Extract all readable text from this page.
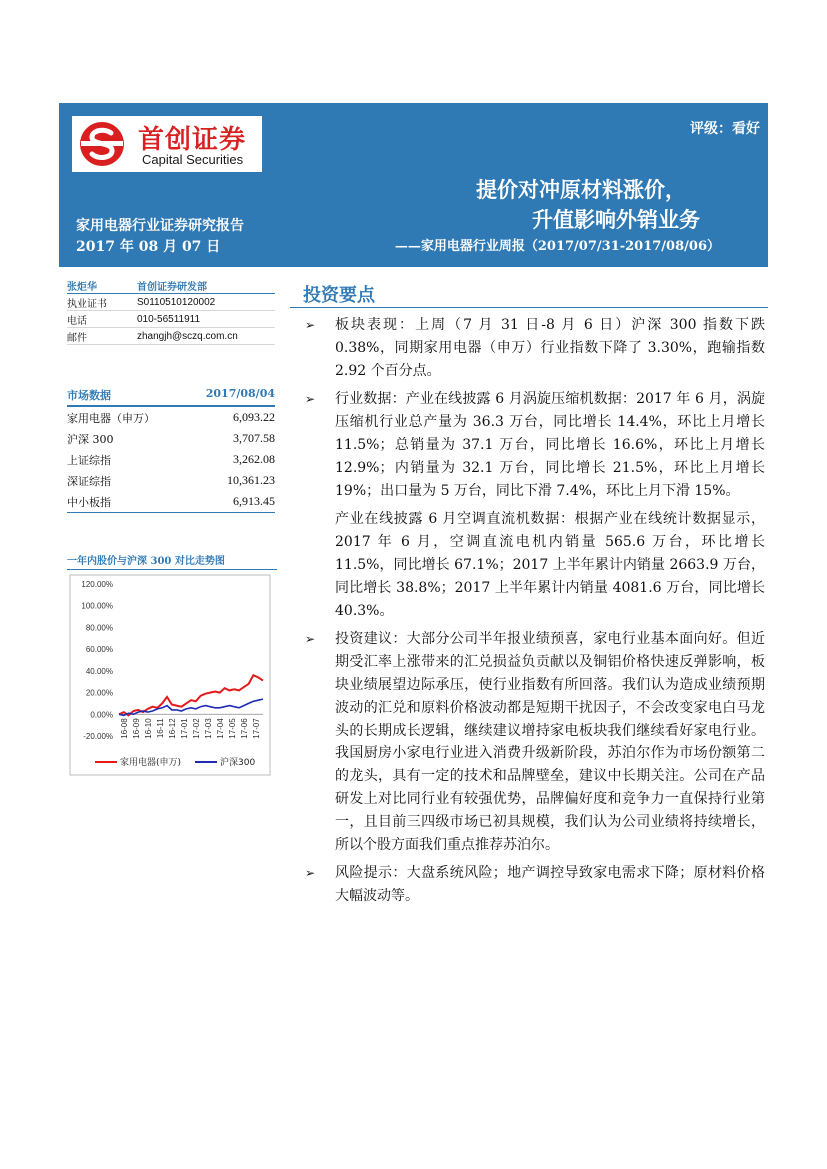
首创证券
Capital Securities
评级：看好
提价对冲原材料涨价，
升值影响外销业务
——家用电器行业周报（2017/07/31-2017/08/06）
家用电器行业证券研究报告
2017 年 08 月 07 日
张炬华	首创证券研发部
执业证书	S0110510120002
电话	010-56511911
邮件	zhangjh@sczq.com.cn
市场数据	2017/08/04
家用电器（申万）	6,093.22
沪深 300	3,707.58
上证综指	3,262.08
深证综指	10,361.23
中小板指	6,913.45
一年内股价与沪深 300 对比走势图
120.00%
100.00%
80.00%
60.00%
40.00%
20.00%
0.00%
-20.00% 16-08 16-09 16-10 16-11 16-12 17-01 17-02 17-03 17-04 17-05 17-06 17-07
家用电器(申万)	沪深300
投资要点
➢ 板块表现：上周（7 月 31 日-8 月 6 日）沪深 300 指数下跌 0.38%，同期家用电器（申万）行业指数下降了 3.30%，跑输指数 2.92 个百分点。
➢ 行业数据：产业在线披露 6 月涡旋压缩机数据：2017 年 6 月，涡旋压缩机行业总产量为 36.3 万台，同比增长 14.4%，环比上月增长 11.5%；总销量为 37.1 万台，同比增长 16.6%，环比上月增长 12.9%；内销量为 32.1 万台，同比增长 21.5%，环比上月增长 19%；出口量为 5 万台，同比下滑 7.4%，环比上月下滑 15%。
产业在线披露 6 月空调直流机数据：根据产业在线统计数据显示，2017 年 6 月，空调直流电机内销量 565.6 万台，环比增长 11.5%，同比增长 67.1%；2017 上半年累计内销量 2663.9 万台，同比增长 38.8%；2017 上半年累计内销量 4081.6 万台，同比增长 40.3%。
➢ 投资建议：大部分公司半年报业绩预喜，家电行业基本面向好。但近期受汇率上涨带来的汇兑损益负贡献以及铜铝价格快速反弹影响，板块业绩展望边际承压，使行业指数有所回落。我们认为造成业绩预期波动的汇兑和原料价格波动都是短期干扰因子，不会改变家电白马龙头的长期成长逻辑，继续建议增持家电板块我们继续看好家电行业。我国厨房小家电行业进入消费升级新阶段，苏泊尔作为市场份额第二的龙头，具有一定的技术和品牌壁垒，建议中长期关注。公司在产品研发上对比同行业有较强优势，品牌偏好度和竞争力一直保持行业第一，且目前三四级市场已初具规模，我们认为公司业绩将持续增长，所以个股方面我们重点推荐苏泊尔。
➢ 风险提示：大盘系统风险；地产调控导致家电需求下降；原材料价格大幅波动等。
